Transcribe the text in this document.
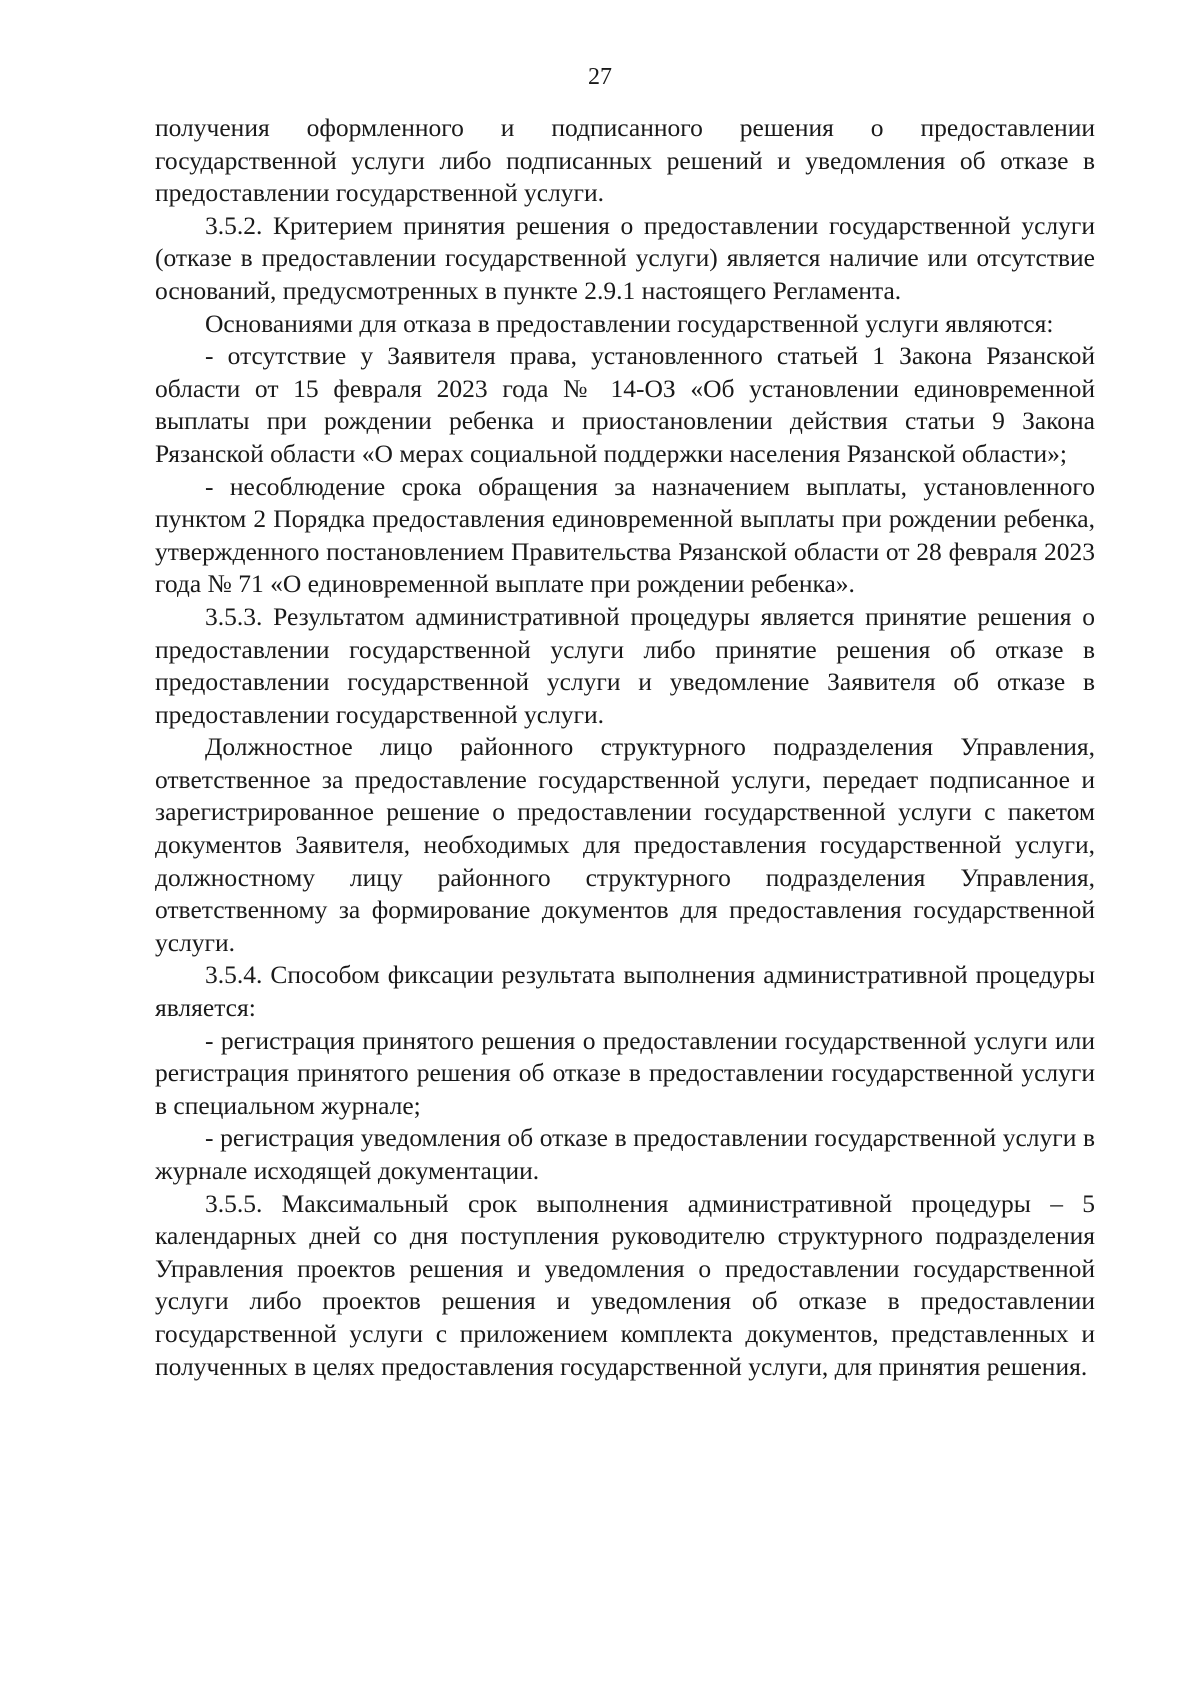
27

получения оформленного и подписанного решения о предоставлении государственной услуги либо подписанных решений и уведомления об отказе в предоставлении государственной услуги.

3.5.2. Критерием принятия решения о предоставлении государственной услуги (отказе в предоставлении государственной услуги) является наличие или отсутствие оснований, предусмотренных в пункте 2.9.1 настоящего Регламента.

Основаниями для отказа в предоставлении государственной услуги являются:

- отсутствие у Заявителя права, установленного статьей 1 Закона Рязанской области от 15 февраля 2023 года № 14-ОЗ «Об установлении единовременной выплаты при рождении ребенка и приостановлении действия статьи 9 Закона Рязанской области «О мерах социальной поддержки населения Рязанской области»;

- несоблюдение срока обращения за назначением выплаты, установленного пунктом 2 Порядка предоставления единовременной выплаты при рождении ребенка, утвержденного постановлением Правительства Рязанской области от 28 февраля 2023 года № 71 «О единовременной выплате при рождении ребенка».

3.5.3. Результатом административной процедуры является принятие решения о предоставлении государственной услуги либо принятие решения об отказе в предоставлении государственной услуги и уведомление Заявителя об отказе в предоставлении государственной услуги.

Должностное лицо районного структурного подразделения Управления, ответственное за предоставление государственной услуги, передает подписанное и зарегистрированное решение о предоставлении государственной услуги с пакетом документов Заявителя, необходимых для предоставления государственной услуги, должностному лицу районного структурного подразделения Управления, ответственному за формирование документов для предоставления государственной услуги.

3.5.4. Способом фиксации результата выполнения административной процедуры является:

- регистрация принятого решения о предоставлении государственной услуги или регистрация принятого решения об отказе в предоставлении государственной услуги в специальном журнале;

- регистрация уведомления об отказе в предоставлении государственной услуги в журнале исходящей документации.

3.5.5. Максимальный срок выполнения административной процедуры – 5 календарных дней со дня поступления руководителю структурного подразделения Управления проектов решения и уведомления о предоставлении государственной услуги либо проектов решения и уведомления об отказе в предоставлении государственной услуги с приложением комплекта документов, представленных и полученных в целях предоставления государственной услуги, для принятия решения.
